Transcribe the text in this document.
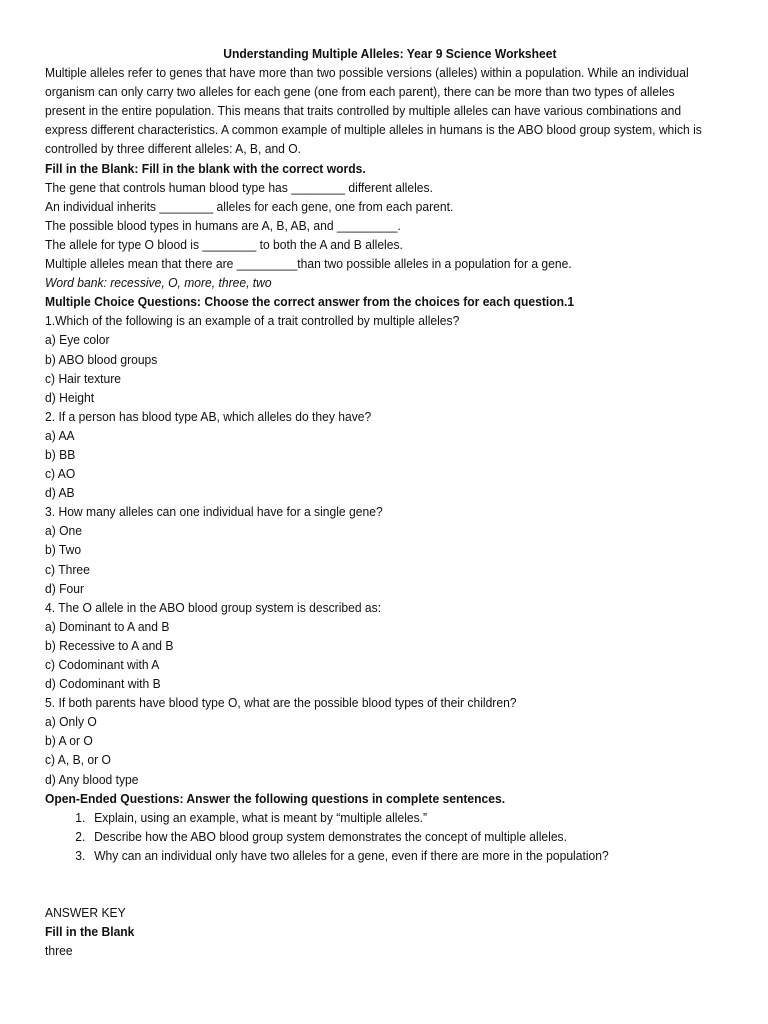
Understanding Multiple Alleles: Year 9 Science Worksheet
Multiple alleles refer to genes that have more than two possible versions (alleles) within a population. While an individual
organism can only carry two alleles for each gene (one from each parent), there can be more than two types of alleles
present in the entire population. This means that traits controlled by multiple alleles can have various combinations and
express different characteristics. A common example of multiple alleles in humans is the ABO blood group system, which is
controlled by three different alleles: A, B, and O.
Fill in the Blank: Fill in the blank with the correct words.
The gene that controls human blood type has ________ different alleles.
An individual inherits ________ alleles for each gene, one from each parent.
The possible blood types in humans are A, B, AB, and _________.
The allele for type O blood is ________ to both the A and B alleles.
Multiple alleles mean that there are _________than two possible alleles in a population for a gene.
Word bank: recessive, O, more, three, two
Multiple Choice Questions: Choose the correct answer from the choices for each question.1
1.Which of the following is an example of a trait controlled by multiple alleles?
a) Eye color
b) ABO blood groups
c) Hair texture
d) Height
2. If a person has blood type AB, which alleles do they have?
a) AA
b) BB
c) AO
d) AB
3. How many alleles can one individual have for a single gene?
a) One
b) Two
c) Three
d) Four
4. The O allele in the ABO blood group system is described as:
a) Dominant to A and B
b) Recessive to A and B
c) Codominant with A
d) Codominant with B
5. If both parents have blood type O, what are the possible blood types of their children?
a) Only O
b) A or O
c) A, B, or O
d) Any blood type
Open-Ended Questions: Answer the following questions in complete sentences.
1. Explain, using an example, what is meant by “multiple alleles.”
2. Describe how the ABO blood group system demonstrates the concept of multiple alleles.
3. Why can an individual only have two alleles for a gene, even if there are more in the population?
ANSWER KEY
Fill in the Blank
three
